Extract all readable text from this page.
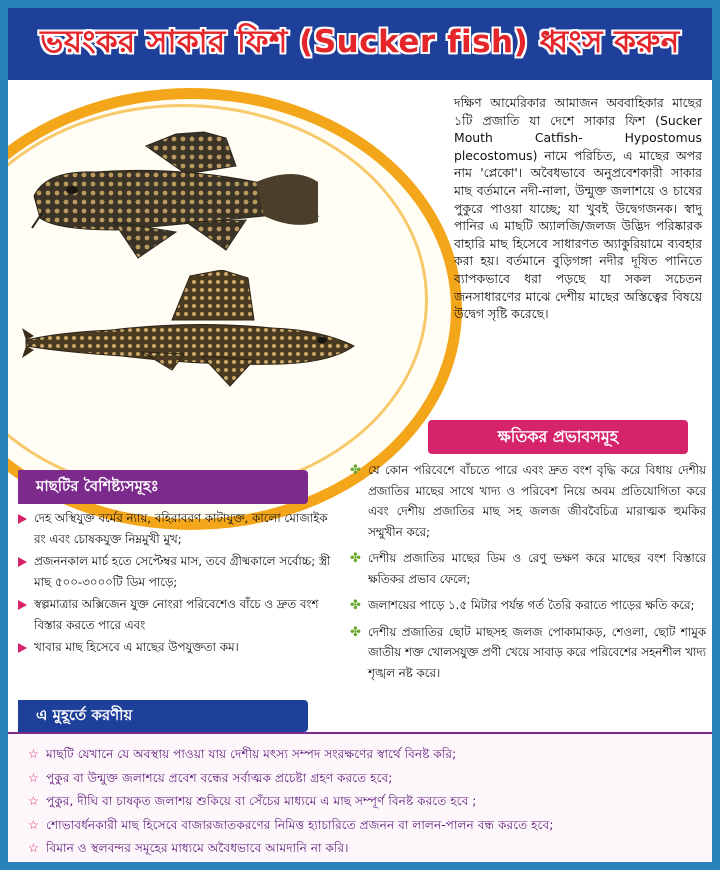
ভয়ংকর সাকার ফিশ (Sucker fish) ধ্বংস করুন

দক্ষিণ আমেরিকার আমাজন অববাহিকার মাছের ১টি প্রজাতি যা দেশে সাকার ফিশ (Sucker Mouth Catfish- Hypostomus plecostomus) নামে পরিচিত, এ মাছের অপর নাম 'প্লেকো'। অবৈধভাবে অনুপ্রবেশকারী সাকার মাছ বর্তমানে নদী-নালা, উন্মুক্ত জলাশয়ে ও চাষের পুকুরে পাওয়া যাচ্ছে; যা খুবই উদ্বেগজনক। স্বাদু পানির এ মাছটি অ্যালজি/জলজ উদ্ভিদ পরিষ্কারক বাহারি মাছ হিসেবে সাধারণত অ্যাকুরিয়ামে ব্যবহার করা হয়। বর্তমানে বুড়িগঙ্গা নদীর দূষিত পানিতে ব্যাপকভাবে ধরা পড়ছে যা সকল সচেতন জনসাধারণের মাঝে দেশীয় মাছের অস্তিত্বের বিষয়ে উদ্বেগ সৃষ্টি করেছে।

ক্ষতিকর প্রভাবসমূহ
মাছটির বৈশিষ্ট্যসমূহঃ
দেহ অস্থিযুক্ত বর্মের ন্যায়, বহিরাবরণ কাটাযুক্ত, কালো মোজাইক রং এবং চোষকযুক্ত নিম্নমুখী মুখ;
প্রজননকাল মার্চ হতে সেপ্টেম্বর মাস, তবে গ্রীষ্মকালে সর্বোচ্চ; স্ত্রী মাছ ৫০০-৩০০০টি ডিম পাড়ে;
স্বল্পমাত্রার অক্সিজেন যুক্ত নোংরা পরিবেশেও বাঁচে ও দ্রুত বংশ বিস্তার করতে পারে এবং
খাবার মাছ হিসেবে এ মাছের উপযুক্ততা কম।
✤ যে কোন পরিবেশে বাঁচতে পারে এবং দ্রুত বংশ বৃদ্ধি করে বিধায় দেশীয় প্রজাতির মাছের সাথে খাদ্য ও পরিবেশ নিয়ে অবম প্রতিযোগিতা করে এবং দেশীয় প্রজাতির মাছ সহ জলজ জীববৈচিত্র মারাত্মক হুমকির সম্মুখীন করে;
✤ দেশীয় প্রজাতির মাছের ডিম ও রেণু ভক্ষণ করে মাছের বংশ বিস্তারে ক্ষতিকর প্রভাব ফেলে;
✤ জলাশয়ের পাড়ে ১.৫ মিটার পর্যন্ত গর্ত তৈরি করাতে পাড়ের ক্ষতি করে;
✤ দেশীয় প্রজাতির ছোট মাছসহ জলজ পোকামাকড়, শেওলা, ছোট শামুক জাতীয় শক্ত খোলসযুক্ত প্রণী খেয়ে সাবাড় করে পরিবেশের সহনশীল খাদ্য শৃঙ্খল নষ্ট করে।
এ মুহূর্তে করণীয়
☆ মাছটি যেখানে যে অবস্থায় পাওয়া যায় দেশীয় মৎস্য সম্পদ সংরক্ষণের স্বার্থে বিনষ্ট করি;
☆ পুকুর বা উন্মুক্ত জলাশয়ে প্রবেশ বন্ধের সর্বাত্মক প্রচেষ্টা গ্রহণ করতে হবে;
☆ পুকুর, দীঘি বা চাষকৃত জলাশয় শুকিয়ে বা সেঁচের মাধ্যমে এ মাছ সম্পূর্ণ বিনষ্ট করতে হবে ;
☆ শোভাবর্ধনকারী মাছ হিসেবে বাজারজাতকরণের নিমিত্ত হ্যাচারিতে প্রজনন বা লালন-পালন বন্ধ করতে হবে;
☆ বিমান ও স্থলবন্দর সমূহের মাধ্যমে অবৈধভাবে আমদানি না করি।
